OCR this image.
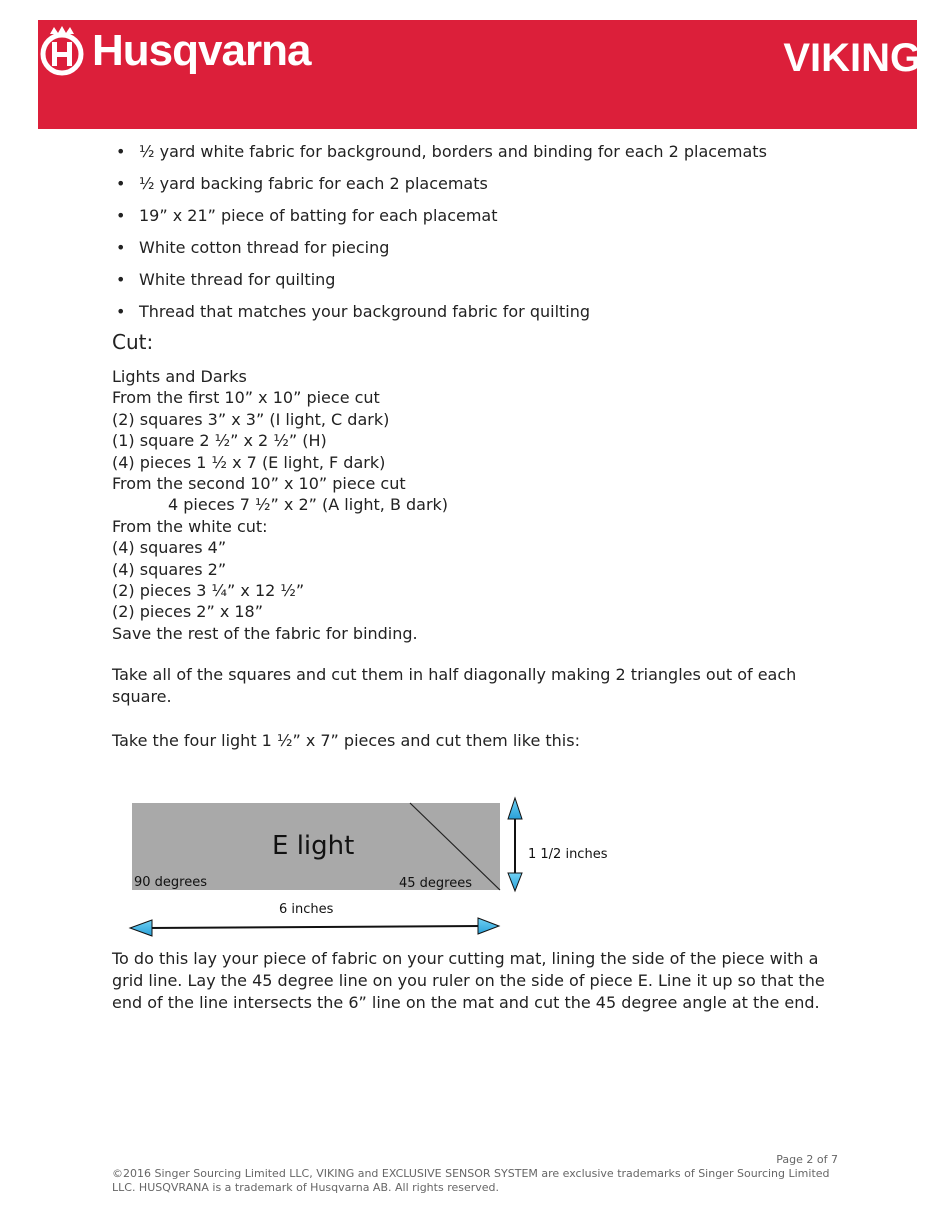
Husqvarna	VIKING®
• ½ yard white fabric for background, borders and binding for each 2 placemats
• ½ yard backing fabric for each 2 placemats
• 19” x 21” piece of batting for each placemat
• White cotton thread for piecing
• White thread for quilting
• Thread that matches your background fabric for quilting
Cut:
Lights and Darks
From the first 10” x 10” piece cut
(2) squares 3” x 3” (I light, C dark)
(1) square 2 ½” x 2 ½” (H)
(4) pieces 1 ½ x 7 (E light, F dark)
From the second 10” x 10” piece cut
4 pieces 7 ½” x 2” (A light, B dark)
From the white cut:
(4) squares 4”
(4) squares 2”
(2) pieces 3 ¼” x 12 ½”
(2) pieces 2” x 18”
Save the rest of the fabric for binding.
Take all of the squares and cut them in half diagonally making 2 triangles out of each square.
Take the four light 1 ½” x 7” pieces and cut them like this:
E light
90 degrees	45 degrees
1 1/2 inches
6 inches
To do this lay your piece of fabric on your cutting mat, lining the side of the piece with a grid line. Lay the 45 degree line on you ruler on the side of piece E. Line it up so that the end of the line intersects the 6” line on the mat and cut the 45 degree angle at the end.
Page 2 of 7
©2016 Singer Sourcing Limited LLC, VIKING and EXCLUSIVE SENSOR SYSTEM are exclusive trademarks of Singer Sourcing Limited LLC. HUSQVRANA is a trademark of Husqvarna AB. All rights reserved.
